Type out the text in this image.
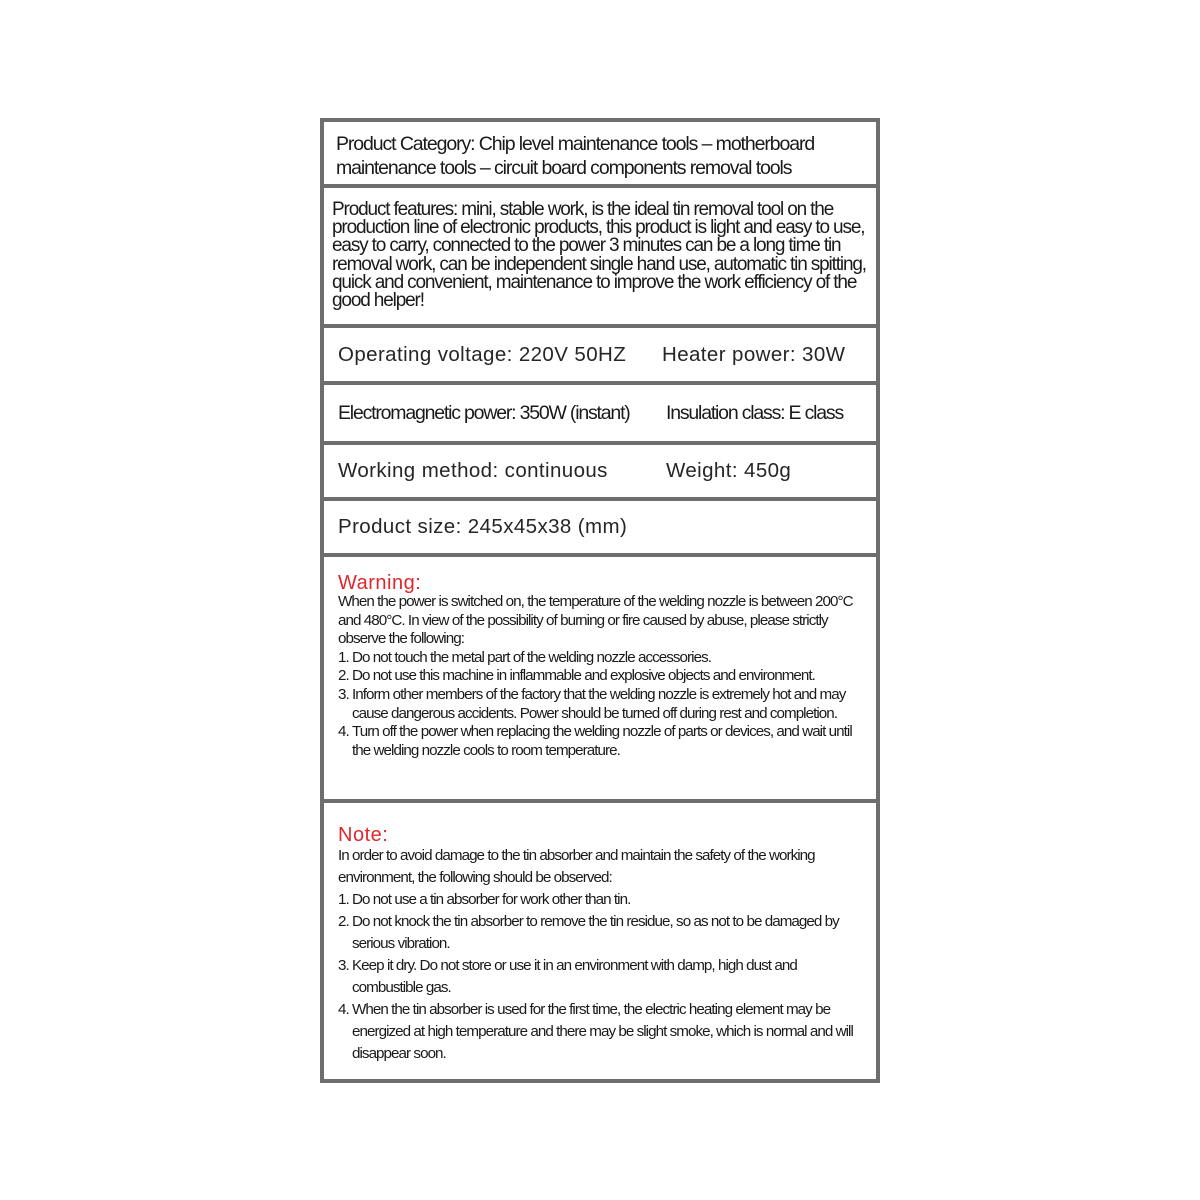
Product Category: Chip level maintenance tools – motherboard maintenance tools – circuit board components removal tools
Product features: mini, stable work, is the ideal tin removal tool on the production line of electronic products, this product is light and easy to use, easy to carry, connected to the power 3 minutes can be a long time tin removal work, can be independent single hand use, automatic tin spitting, quick and convenient, maintenance to improve the work efficiency of the good helper!
Operating voltage: 220V 50HZ Heater power: 30W
Electromagnetic power: 350W (instant) Insulation class: E class
Working method: continuous	Weight: 450g
Product size: 245x45x38 (mm)
Warning:

When the power is switched on, the temperature of the welding nozzle is between 200°C and 480°C. In view of the possibility of burning or fire caused by abuse, please strictly observe the following:

1. Do not touch the metal part of the welding nozzle accessories.
2. Do not use this machine in inflammable and explosive objects and environment.
3. Inform other members of the factory that the welding nozzle is extremely hot and may cause dangerous accidents. Power should be turned off during rest and completion.
4. Turn off the power when replacing the welding nozzle of parts or devices, and wait until the welding nozzle cools to room temperature.
Note:

In order to avoid damage to the tin absorber and maintain the safety of the working environment, the following should be observed:

1. Do not use a tin absorber for work other than tin.
2. Do not knock the tin absorber to remove the tin residue, so as not to be damaged by serious vibration.
3. Keep it dry. Do not store or use it in an environment with damp, high dust and combustible gas.
4. When the tin absorber is used for the first time, the electric heating element may be energized at high temperature and there may be slight smoke, which is normal and will disappear soon.
